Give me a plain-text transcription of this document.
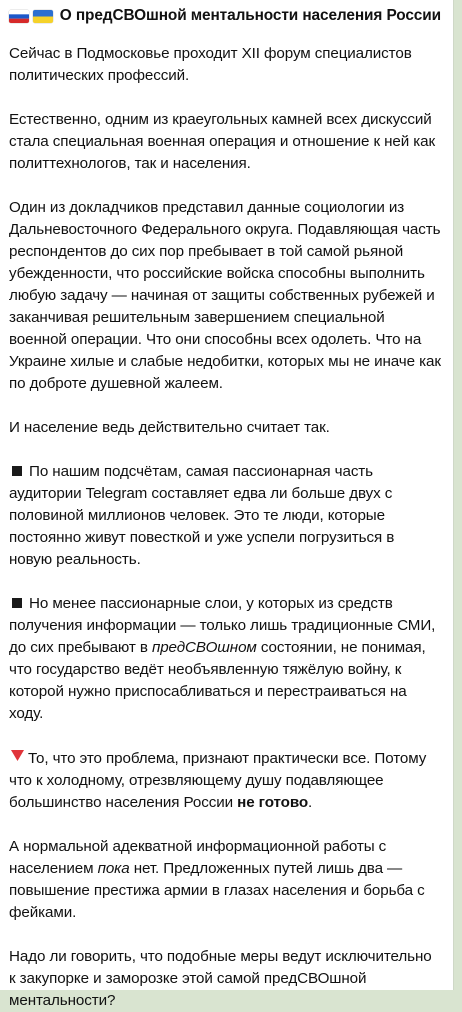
О предСВОшной ментальности населения России

Сейчас в Подмосковье проходит XII форум специалистов политических профессий.

Естественно, одним из краеугольных камней всех дискуссий стала специальная военная операция и отношение к ней как политтехнологов, так и населения.

Один из докладчиков представил данные социологии из Дальневосточного Федерального округа. Подавляющая часть респондентов до сих пор пребывает в той самой рьяной убежденности, что российские войска способны выполнить любую задачу — начиная от защиты собственных рубежей и заканчивая решительным завершением специальной военной операции. Что они способны всех одолеть. Что на Украине хилые и слабые недобитки, которых мы не иначе как по доброте душевной жалеем.

И население ведь действительно считает так.

По нашим подсчётам, самая пассионарная часть аудитории Telegram составляет едва ли больше двух с половиной миллионов человек. Это те люди, которые постоянно живут повесткой и уже успели погрузиться в новую реальность.

Но менее пассионарные слои, у которых из средств получения информации — только лишь традиционные СМИ, до сих пребывают в предСВОшном состоянии, не понимая, что государство ведёт необъявленную тяжёлую войну, к которой нужно приспосабливаться и перестраиваться на ходу.

То, что это проблема, признают практически все. Потому что к холодному, отрезвляющему душу подавляющее большинство населения России не готово.

А нормальной адекватной информационной работы с населением пока нет. Предложенных путей лишь два — повышение престижа армии в глазах населения и борьба с фейками.

Надо ли говорить, что подобные меры ведут исключительно к закупорке и заморозке этой самой предСВОшной ментальности?
